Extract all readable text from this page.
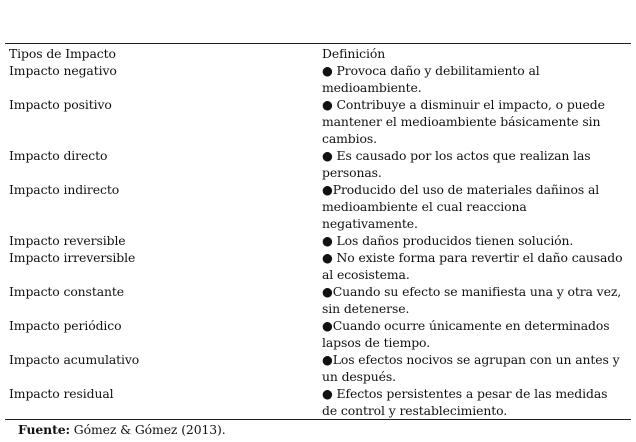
Tipos de Impacto	Definición
Impacto negativo	● Provoca daño y debilitamiento al medioambiente.
Impacto positivo	● Contribuye a disminuir el impacto, o puede mantener el medioambiente básicamente sin cambios.
Impacto directo	● Es causado por los actos que realizan las personas.
Impacto indirecto	●Producido del uso de materiales dañinos al medioambiente el cual reacciona negativamente.
Impacto reversible	● Los daños producidos tienen solución.
Impacto irreversible	● No existe forma para revertir el daño causado al ecosistema.
Impacto constante	●Cuando su efecto se manifiesta una y otra vez, sin detenerse.
Impacto periódico	●Cuando ocurre únicamente en determinados lapsos de tiempo.
Impacto acumulativo	●Los efectos nocivos se agrupan con un antes y un después.
Impacto residual	● Efectos persistentes a pesar de las medidas de control y restablecimiento.
Fuente: Gómez & Gómez (2013).
